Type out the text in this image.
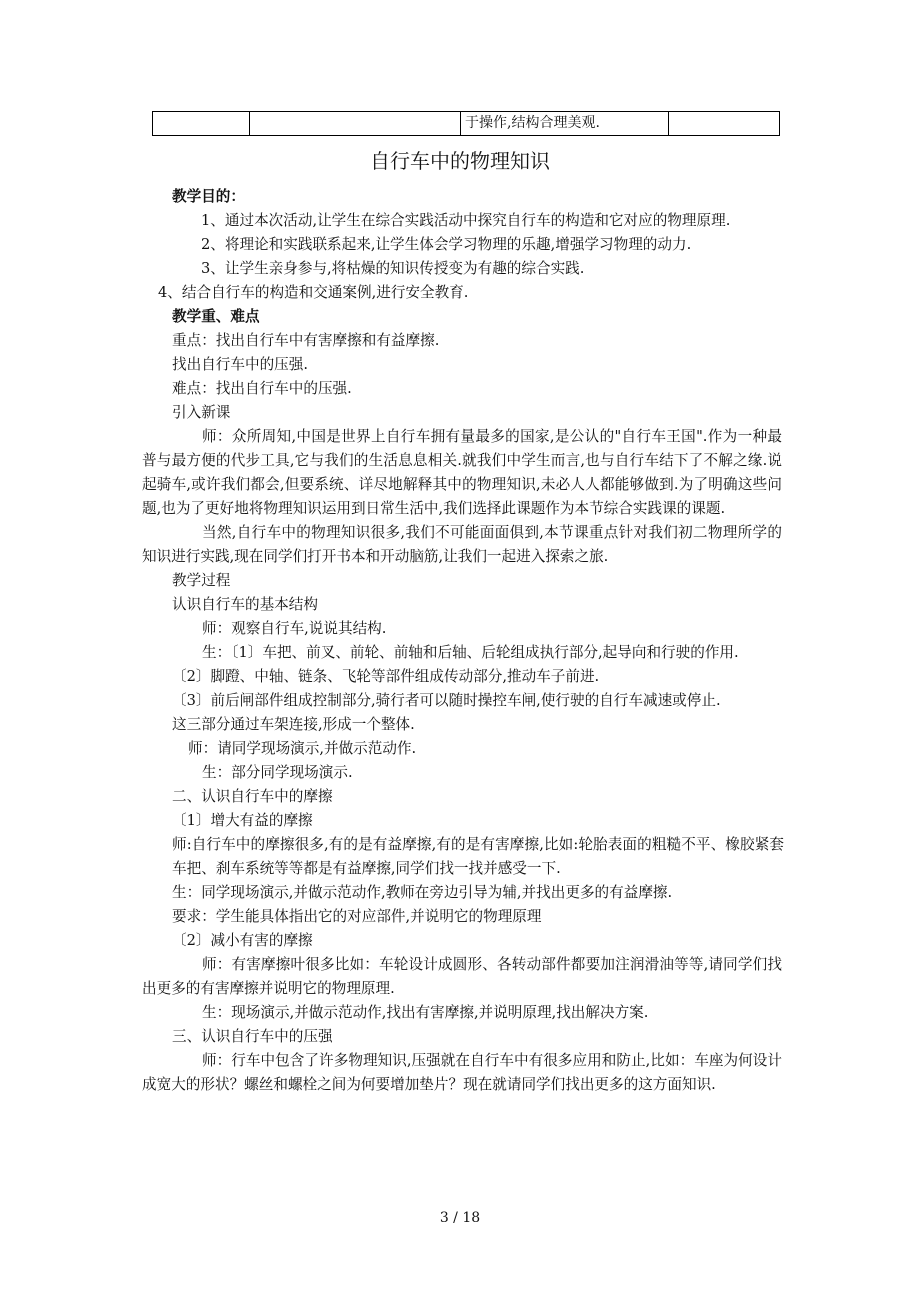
		于操作,结构合理美观.	
自行车中的物理知识

教学目的：

1、通过本次活动,让学生在综合实践活动中探究自行车的构造和它对应的物理原理.

2、将理论和实践联系起来,让学生体会学习物理的乐趣,增强学习物理的动力.

3、让学生亲身参与,将枯燥的知识传授变为有趣的综合实践.

4、结合自行车的构造和交通案例,进行安全教育.

教学重、难点

重点：找出自行车中有害摩擦和有益摩擦.

找出自行车中的压强.

难点：找出自行车中的压强.

引入新课

师：众所周知,中国是世界上自行车拥有量最多的国家,是公认的"自行车王国".作为一种最普与最方便的代步工具,它与我们的生活息息相关.就我们中学生而言,也与自行车结下了不解之缘.说起骑车,或许我们都会,但要系统、详尽地解释其中的物理知识,未必人人都能够做到.为了明确这些问题,也为了更好地将物理知识运用到日常生活中,我们选择此课题作为本节综合实践课的课题.

当然,自行车中的物理知识很多,我们不可能面面俱到,本节课重点针对我们初二物理所学的知识进行实践,现在同学们打开书本和开动脑筋,让我们一起进入探索之旅.

教学过程

认识自行车的基本结构

师：观察自行车,说说其结构.

生：〔1〕车把、前叉、前轮、前轴和后轴、后轮组成执行部分,起导向和行驶的作用.

〔2〕脚蹬、中轴、链条、飞轮等部件组成传动部分,推动车子前进.

〔3〕前后闸部件组成控制部分,骑行者可以随时操控车闸,使行驶的自行车减速或停止.

这三部分通过车架连接,形成一个整体.

师：请同学现场演示,并做示范动作.

生：部分同学现场演示.

二、认识自行车中的摩擦

〔1〕增大有益的摩擦

师:自行车中的摩擦很多,有的是有益摩擦,有的是有害摩擦,比如:轮胎表面的粗糙不平、橡胶紧套车把、刹车系统等等都是有益摩擦,同学们找一找并感受一下.

生：同学现场演示,并做示范动作,教师在旁边引导为辅,并找出更多的有益摩擦.

要求：学生能具体指出它的对应部件,并说明它的物理原理

〔2〕减小有害的摩擦

师：有害摩擦叶很多比如：车轮设计成圆形、各转动部件都要加注润滑油等等,请同学们找出更多的有害摩擦并说明它的物理原理.

生：现场演示,并做示范动作,找出有害摩擦,并说明原理,找出解决方案.

三、认识自行车中的压强

师：行车中包含了许多物理知识,压强就在自行车中有很多应用和防止,比如：车座为何设计成宽大的形状？螺丝和螺栓之间为何要增加垫片？现在就请同学们找出更多的这方面知识.

3 / 18
